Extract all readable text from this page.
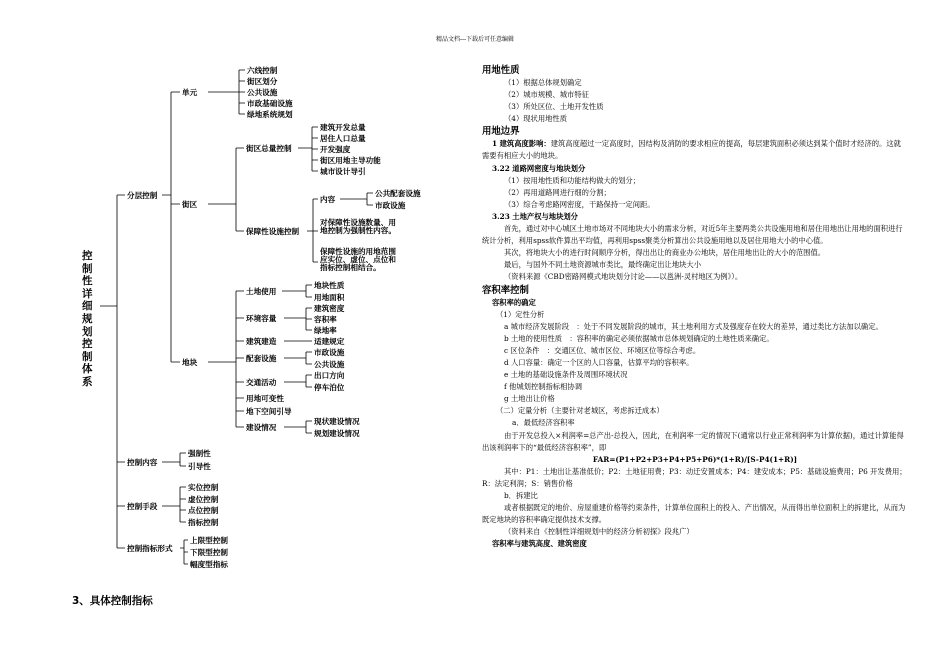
精品文档---下载后可任意编辑
控制性详细规划控制体系
分层控制
单元
六线控制
街区划分
公共设施
市政基础设施
绿地系统规划
街区
街区总量控制
建筑开发总量
居住人口总量
开发强度
街区用地主导功能
城市设计导引
保障性设施控制
内容
公共配套设施
市政设施
对保障性设施数量、用地控制为强制性内容。
保障性设施的用地范围应实位、虚位、点位和指标控制相结合。
地块
土地使用
地块性质
用地面积
环境容量
建筑密度
容积率
绿地率
建筑建造	适建规定
配套设施
市政设施
公共设施
交通活动
出口方向
停车泊位
用地可变性
地下空间引导
建设情况
现状建设情况
规划建设情况
控制内容
强制性
引导性
控制手段
实位控制
虚位控制
点位控制
指标控制
控制指标形式
上限型控制
下限型控制
幅度型指标
3、具体控制指标
用地性质
（1）根据总体规划确定
（2）城市规模、城市特征
（3）所处区位、土地开发性质
（4）现状用地性质
用地边界
1 建筑高度影响：建筑高度超过一定高度时，因结构及消防的要求相应的提高，每层建筑面积必须达到某个值时才经济的。这就需要有相应大小的地块。
3.22 道路网密度与地块划分
（1）按用地性质和功能结构做大的划分；
（2）再用道路网进行细的分割；
（3）综合考虑路网密度，干路保持一定间距。
3.23 土地产权与地块划分
首先，通过对中心城区土地市场对不同地块大小的需求分析，对近5年主要两类公共设施用地和居住用地出让用地的面积进行统计分析，利用spss软件算出平均值，再利用spss聚类分析算出公共设施用地以及居住用地大小的中心值。
其次，将地块大小的进行时间顺序分析，得出出让的商业办公地块，居住用地出让的大小的范围值。
最后，与国外不同土地资源城市类比，最终确定出让地块大小
（资料来源《CBD密路网模式地块划分讨论——以邕洲-灵村地区为例》）。
容积率控制
容积率的确定
（1）定性分析
a 城市经济发展阶段　：处于不同发展阶段的城市，其土地利用方式及强度存在较大的差异，通过类比方法加以确定。
b 土地的使用性质　：容积率的确定必须依据城市总体规划确定的土地性质来确定。
c 区位条件　：交通区位、城市区位、环境区位等综合考虑。
d 人口容量：确定一个区的人口容量，估算平均的容积率。
e 土地的基础设施条件及周围环境状况
f 他城划控制指标相协调
g 土地出让价格
（二）定量分析（主要针对老城区，考虑拆迁成本）
a．最低经济容积率
由于开发总投入×利润率=总产出-总投入，因此，在利润率一定的情况下(通常以行业正常利润率为计算依据)，通过计算能得出该利润率下的“最低经济容积率”，即
FAR=(P1+P2+P3+P4+P5+P6)*(1+R)/[S-P4(1+R)]
其中：P1：土地出让基准低价；P2：土地征用费；P3：动迁安置成本；P4：建安成本；P5：基础设施费用；P6 开发费用；R：法定利润；S：销售价格
b．拆建比
或者根据既定的地价、房屋重建价格等约束条件，计算单位面积上的投入、产出情况，从而得出单位面积上的拆建比，从而为既定地块的容积率确定提供技术支撑。
（资料来自《控制性详细规划中的经济分析初探》段兆广）
容积率与建筑高度、建筑密度
